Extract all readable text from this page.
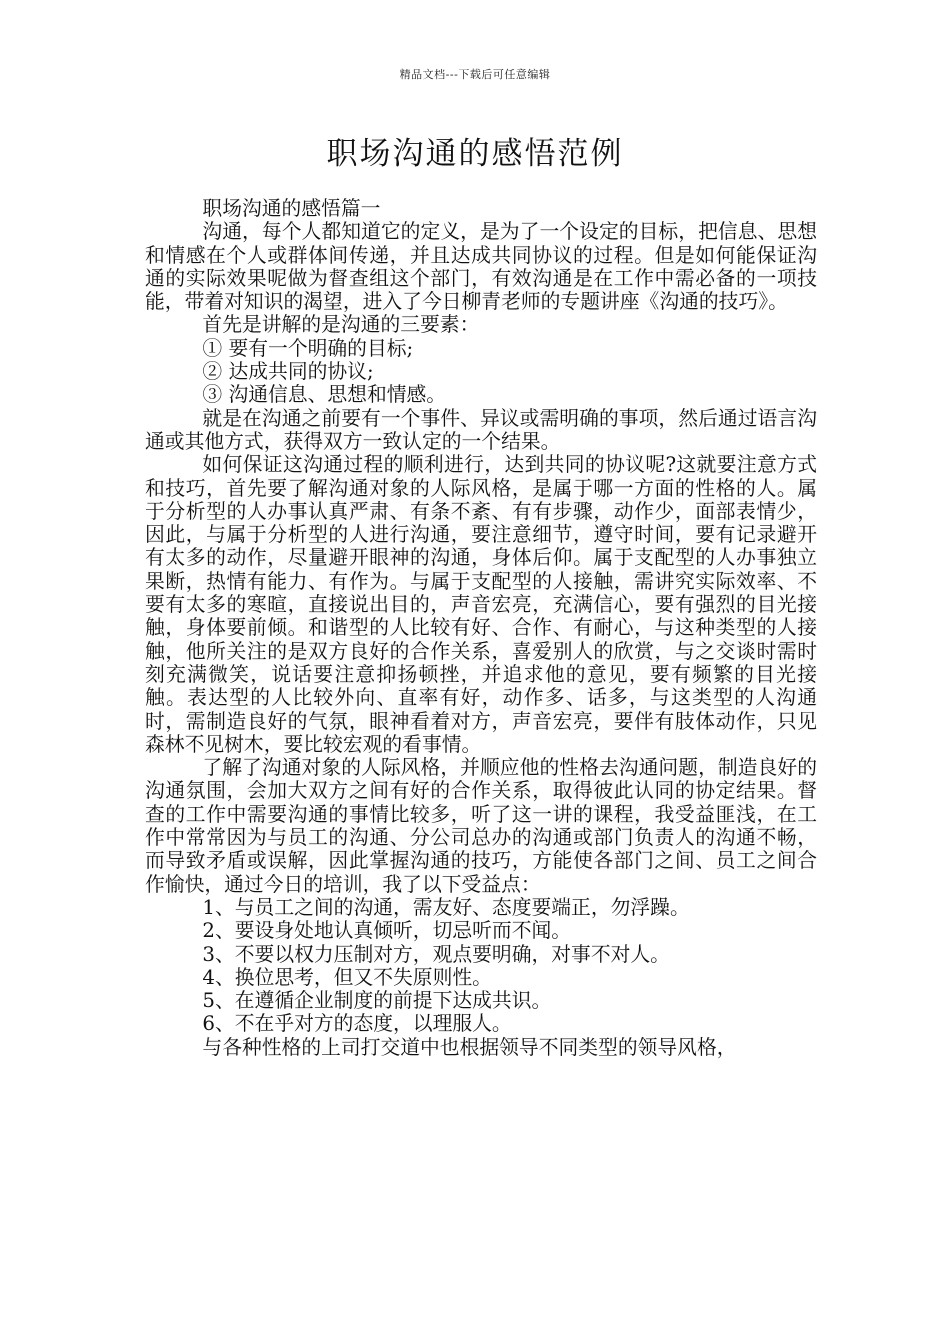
精品文档---下载后可任意编辑
职场沟通的感悟范例

职场沟通的感悟篇一

沟通，每个人都知道它的定义，是为了一个设定的目标，把信息、思想和情感在个人或群体间传递，并且达成共同协议的过程。但是如何能保证沟通的实际效果呢做为督查组这个部门，有效沟通是在工作中需必备的一项技能，带着对知识的渴望，进入了今日柳青老师的专题讲座《沟通的技巧》。

首先是讲解的是沟通的三要素：

① 要有一个明确的目标;

② 达成共同的协议;

③ 沟通信息、思想和情感。

就是在沟通之前要有一个事件、异议或需明确的事项，然后通过语言沟通或其他方式，获得双方一致认定的一个结果。

如何保证这沟通过程的顺利进行，达到共同的协议呢?这就要注意方式和技巧，首先要了解沟通对象的人际风格，是属于哪一方面的性格的人。属于分析型的人办事认真严肃、有条不紊、有有步骤，动作少，面部表情少，因此，与属于分析型的人进行沟通，要注意细节，遵守时间，要有记录避开有太多的动作，尽量避开眼神的沟通，身体后仰。属于支配型的人办事独立果断，热情有能力、有作为。与属于支配型的人接触，需讲究实际效率、不要有太多的寒暄，直接说出目的，声音宏亮，充满信心，要有强烈的目光接触，身体要前倾。和谐型的人比较有好、合作、有耐心，与这种类型的人接触，他所关注的是双方良好的合作关系，喜爱别人的欣赏，与之交谈时需时刻充满微笑，说话要注意抑扬顿挫，并追求他的意见，要有频繁的目光接触。表达型的人比较外向、直率有好，动作多、话多，与这类型的人沟通时，需制造良好的气氛，眼神看着对方，声音宏亮，要伴有肢体动作，只见森林不见树木，要比较宏观的看事情。

了解了沟通对象的人际风格，并顺应他的性格去沟通问题，制造良好的沟通氛围，会加大双方之间有好的合作关系，取得彼此认同的协定结果。督查的工作中需要沟通的事情比较多，听了这一讲的课程，我受益匪浅，在工作中常常因为与员工的沟通、分公司总办的沟通或部门负责人的沟通不畅，而导致矛盾或误解，因此掌握沟通的技巧，方能使各部门之间、员工之间合作愉快，通过今日的培训，我了以下受益点：

1、与员工之间的沟通，需友好、态度要端正，勿浮躁。

2、要设身处地认真倾听，切忌听而不闻。

3、不要以权力压制对方，观点要明确，对事不对人。

4、换位思考，但又不失原则性。

5、在遵循企业制度的前提下达成共识。

6、不在乎对方的态度，以理服人。

与各种性格的上司打交道中也根据领导不同类型的领导风格，
